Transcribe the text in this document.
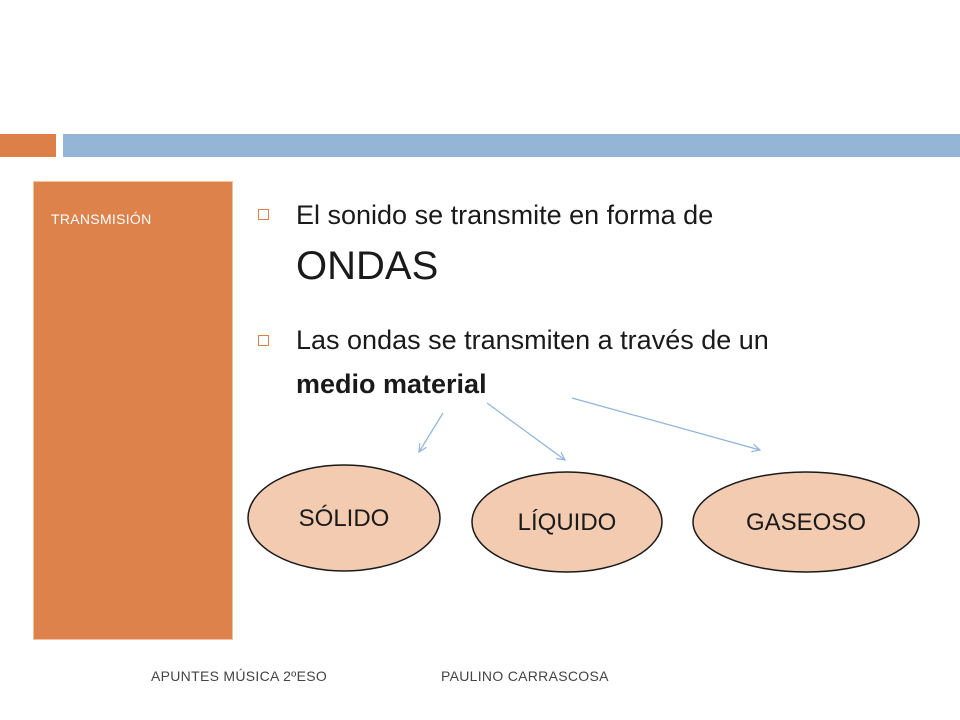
TRANSMISIÓN	El sonido se transmite en forma de
ONDAS
Las ondas se transmiten a través de un
medio material
SÓLIDO	LÍQUIDO	GASEOSO
APUNTES MÚSICA 2ºESO	PAULINO CARRASCOSA
